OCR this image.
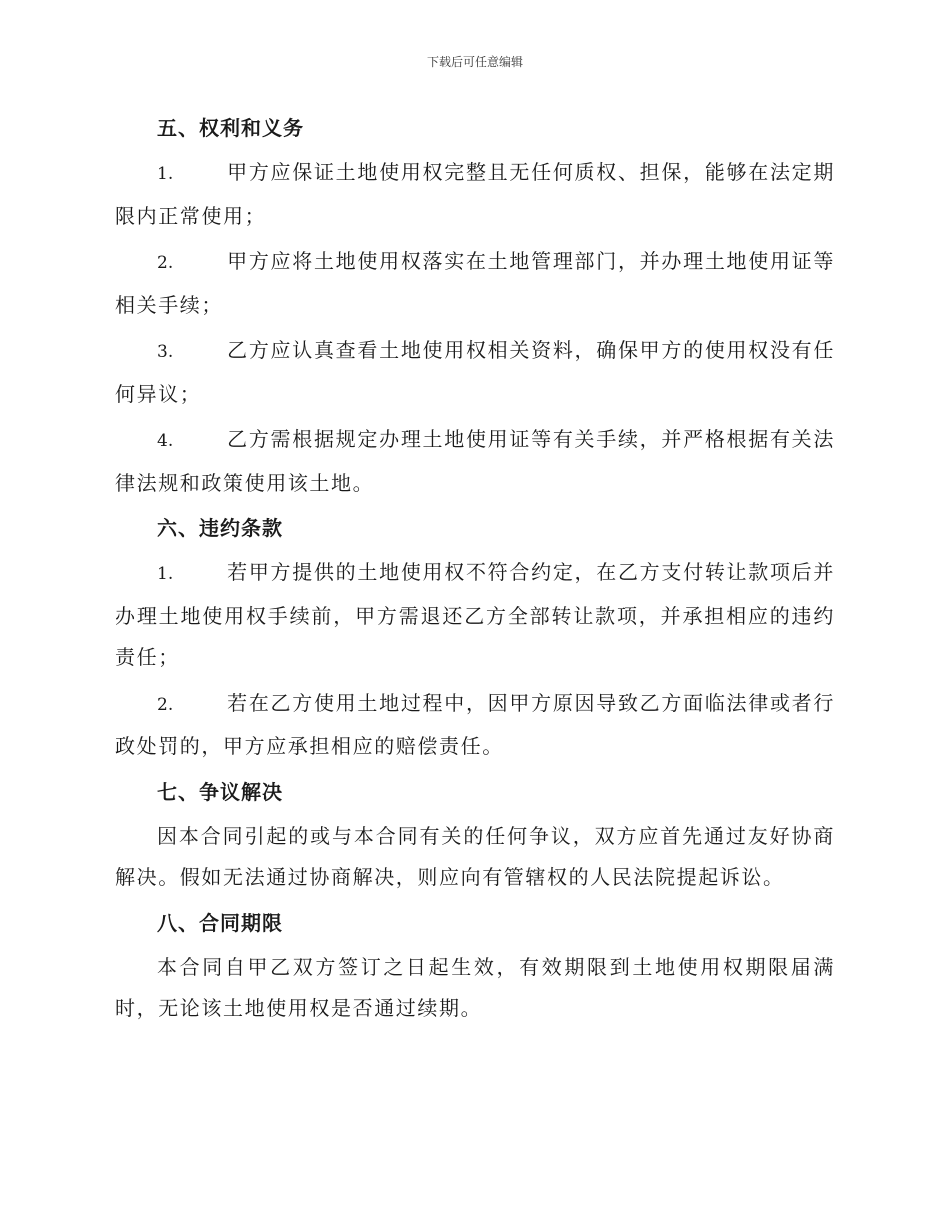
下载后可任意编辑
五、权利和义务

1.	甲方应保证土地使用权完整且无任何质权、担保，能够在法定期限内正常使用；

2.	甲方应将土地使用权落实在土地管理部门，并办理土地使用证等相关手续；

3.	乙方应认真查看土地使用权相关资料，确保甲方的使用权没有任何异议；

4.	乙方需根据规定办理土地使用证等有关手续，并严格根据有关法律法规和政策使用该土地。

六、违约条款

1.	若甲方提供的土地使用权不符合约定，在乙方支付转让款项后并办理土地使用权手续前，甲方需退还乙方全部转让款项，并承担相应的违约责任；

2.	若在乙方使用土地过程中，因甲方原因导致乙方面临法律或者行政处罚的，甲方应承担相应的赔偿责任。

七、争议解决

因本合同引起的或与本合同有关的任何争议，双方应首先通过友好协商解决。假如无法通过协商解决，则应向有管辖权的人民法院提起诉讼。

八、合同期限

本合同自甲乙双方签订之日起生效，有效期限到土地使用权期限届满时，无论该土地使用权是否通过续期。
